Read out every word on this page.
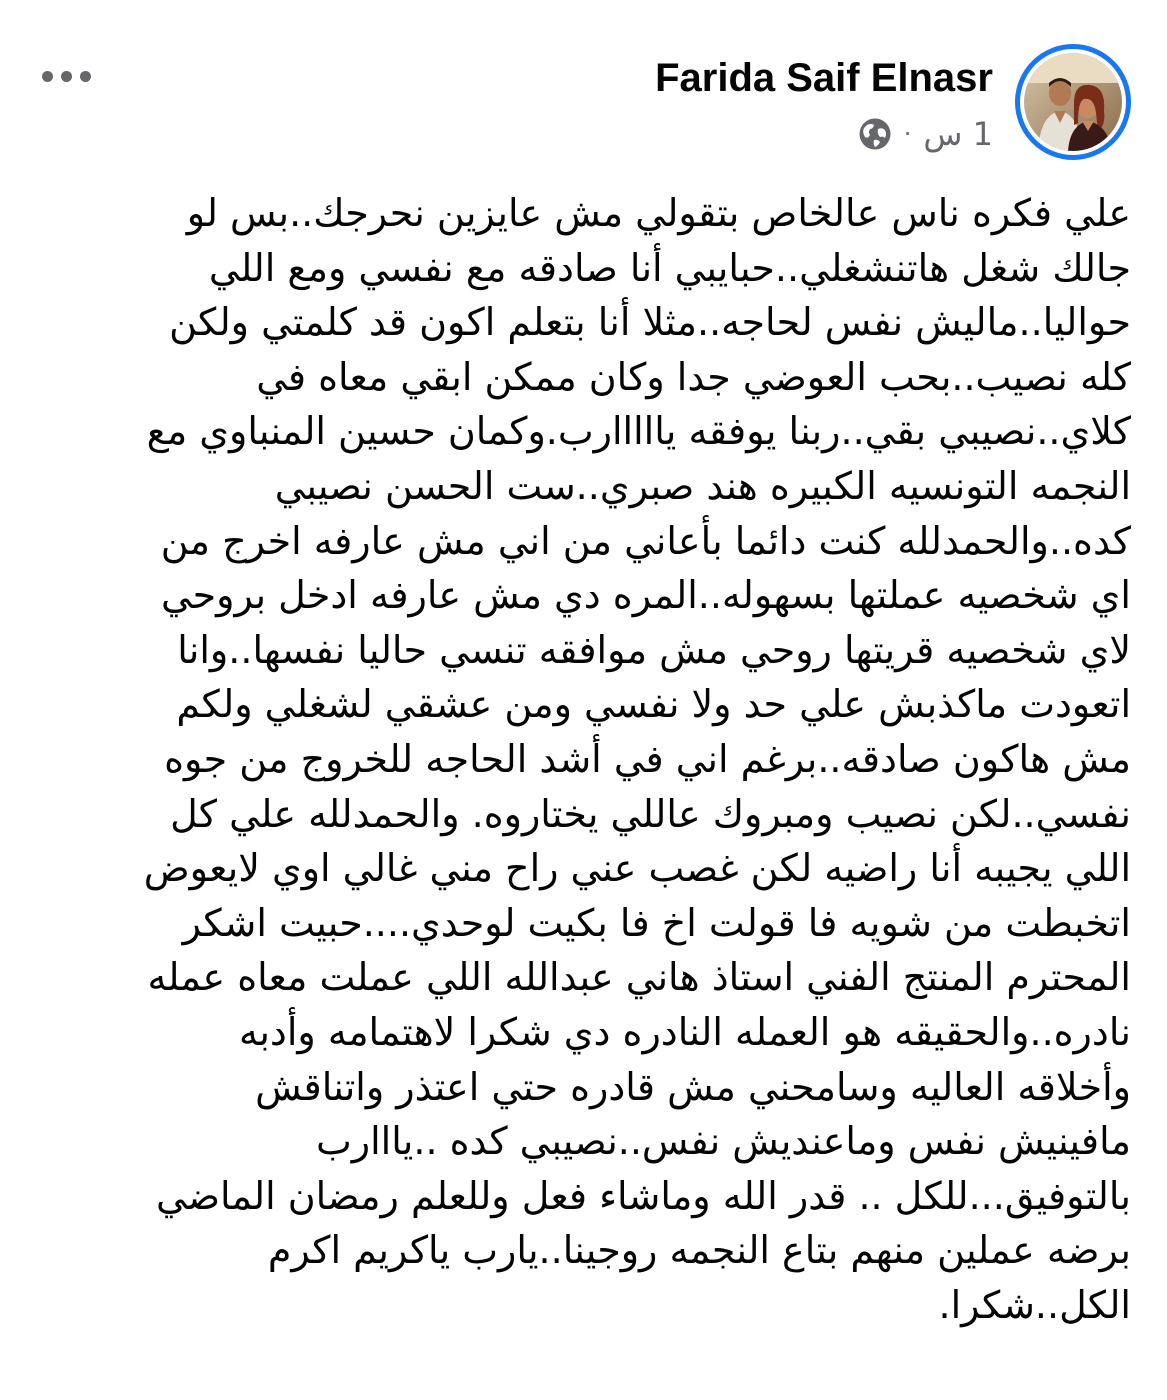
Farida Saif Elnasr
· 1 س
علي فكره ناس عالخاص بتقولي مش عايزين نحرجك..بس لو
جالك شغل هاتنشغلي..حبايبي أنا صادقه مع نفسي ومع اللي
حواليا..ماليش نفس لحاجه..مثلا أنا بتعلم اكون قد كلمتي ولكن
كله نصيب..بحب العوضي جدا وكان ممكن ابقي معاه في
كلاي..نصيبي بقي..ربنا يوفقه يااااارب.وكمان حسين المنباوي مع
النجمه التونسيه الكبيره هند صبري..ست الحسن نصيبي
كده..والحمدلله كنت دائما بأعاني من اني مش عارفه اخرج من
اي شخصيه عملتها بسهوله..المره دي مش عارفه ادخل بروحي
لاي شخصيه قريتها روحي مش موافقه تنسي حاليا نفسها..وانا
اتعودت ماكذبش علي حد ولا نفسي ومن عشقي لشغلي ولكم
مش هاكون صادقه..برغم اني في أشد الحاجه للخروج من جوه
نفسي..لكن نصيب ومبروك عاللي يختاروه. والحمدلله علي كل
اللي يجيبه أنا راضيه لكن غصب عني راح مني غالي اوي لايعوض
اتخبطت من شويه فا قولت اخ فا بكيت لوحدي....حبيت اشكر
المحترم المنتج الفني استاذ هاني عبدالله اللي عملت معاه عمله
نادره..والحقيقه هو العمله النادره دي شكرا لاهتمامه وأدبه
وأخلاقه العاليه وسامحني مش قادره حتي اعتذر واتناقش
مافينيش نفس وماعنديش نفس..نصيبي كده ..يااارب
بالتوفيق...للكل .. قدر الله وماشاء فعل وللعلم رمضان الماضي
برضه عملين منهم بتاع النجمه روجينا..يارب ياكريم اكرم
الكل..شكرا.
